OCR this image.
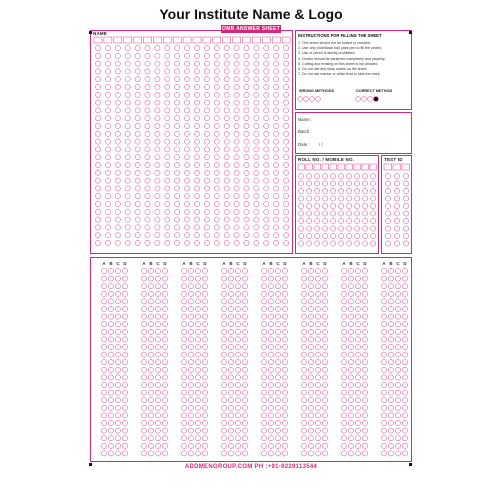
Your Institute Name & Logo
OMR ANSWER SHEET
NAME	INSTRUCTIONS FOR FILLING THE SHEET
1. This sheet should not be folded or crushed.
2. Use only blue/black ball point pen to fill the circles.
3. Use of pencil is strictly prohibited.
4. Circles should be darkened completely and properly.
5. Cutting and erasing on this sheet is not allowed.
6. Do not use any stray marks on the sheet.
7. Do not use marker or white fluid to hide the mark.
WRONG METHODS	CORRECT METHOD
Name :
Batch :
Date : / /
ROLL NO. / MOBILE NO.	TEST ID
A B C D	A B C D	A B C D	A B C D	A B C D	A B C D	A B C D	A B C D
ADDMENGROUP.COM PH :+91-9229113544
